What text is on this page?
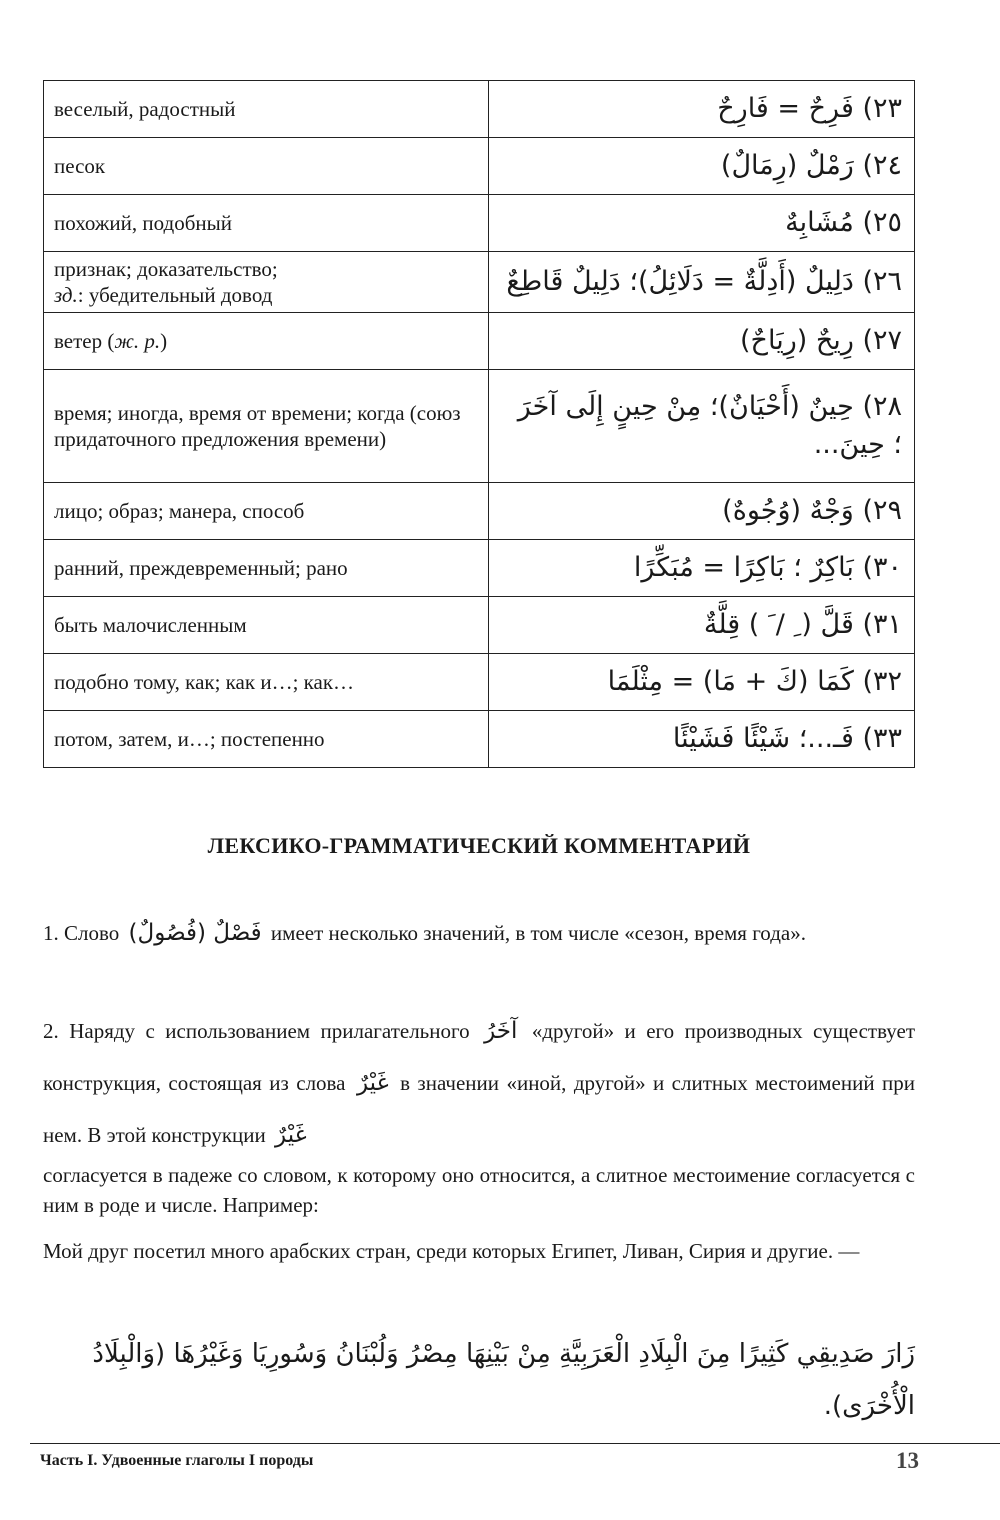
веселый, радостный	٢٣) فَرِحٌ = فَارِحٌ
песок	٢٤) رَمْلٌ (رِمَالٌ)
похожий, подобный	٢٥) مُشَابِهٌ
признак; доказательство;
зд.: убедительный довод	٢٦) دَلِيلٌ (أَدِلَّةٌ = دَلَائِلُ)؛ دَلِيلٌ قَاطِعٌ
ветер (ж. р.)	٢٧) رِيحٌ (رِيَاحٌ)
время; иногда, время от времени; когда (союз придаточного предложения времени)	٢٨) حِينٌ (أَحْيَانٌ)؛ مِنْ حِينٍ إِلَى آخَرَ ؛ حِينَ...
лицо; образ; манера, способ	٢٩) وَجْهٌ (وُجُوهٌ)
ранний, преждевременный; рано	٣٠) بَاكِرٌ ؛ بَاكِرًا = مُبَكِّرًا
быть малочисленным	٣١) قَلَّ ( ِ / َ ) قِلَّةٌ
подобно тому, как; как и…; как…	٣٢) كَمَا (كَ + مَا) = مِثْلَمَا
потом, затем, и…; постепенно	٣٣) فَـ...؛ شَيْئًا فَشَيْئًا
ЛЕКСИКО-ГРАММАТИЧЕСКИЙ КОММЕНТАРИЙ
1. Слово فَصْلٌ (فُصُولٌ) имеет несколько значений, в том числе «сезон, время года».
2. Наряду с использованием прилагательного آخَرُ «другой» и его производных существует конструкция, состоящая из слова غَيْرٌ в значении «иной, другой» и слитных местоимений при нем. В этой конструкции غَيْرٌ
согласуется в падеже со словом, к которому оно относится, а слитное местоимение согласуется с ним в роде и числе. Например:
Мой друг посетил много арабских стран, среди которых Египет, Ливан, Сирия и другие. —
زَارَ صَدِيقِي كَثِيرًا مِنَ الْبِلَادِ الْعَرَبِيَّةِ مِنْ بَيْنِهَا مِصْرُ وَلُبْنَانُ وَسُورِيَا وَغَيْرُهَا (وَالْبِلَادُ الْأُخْرَى).
Часть I. Удвоенные глаголы I породы	13
